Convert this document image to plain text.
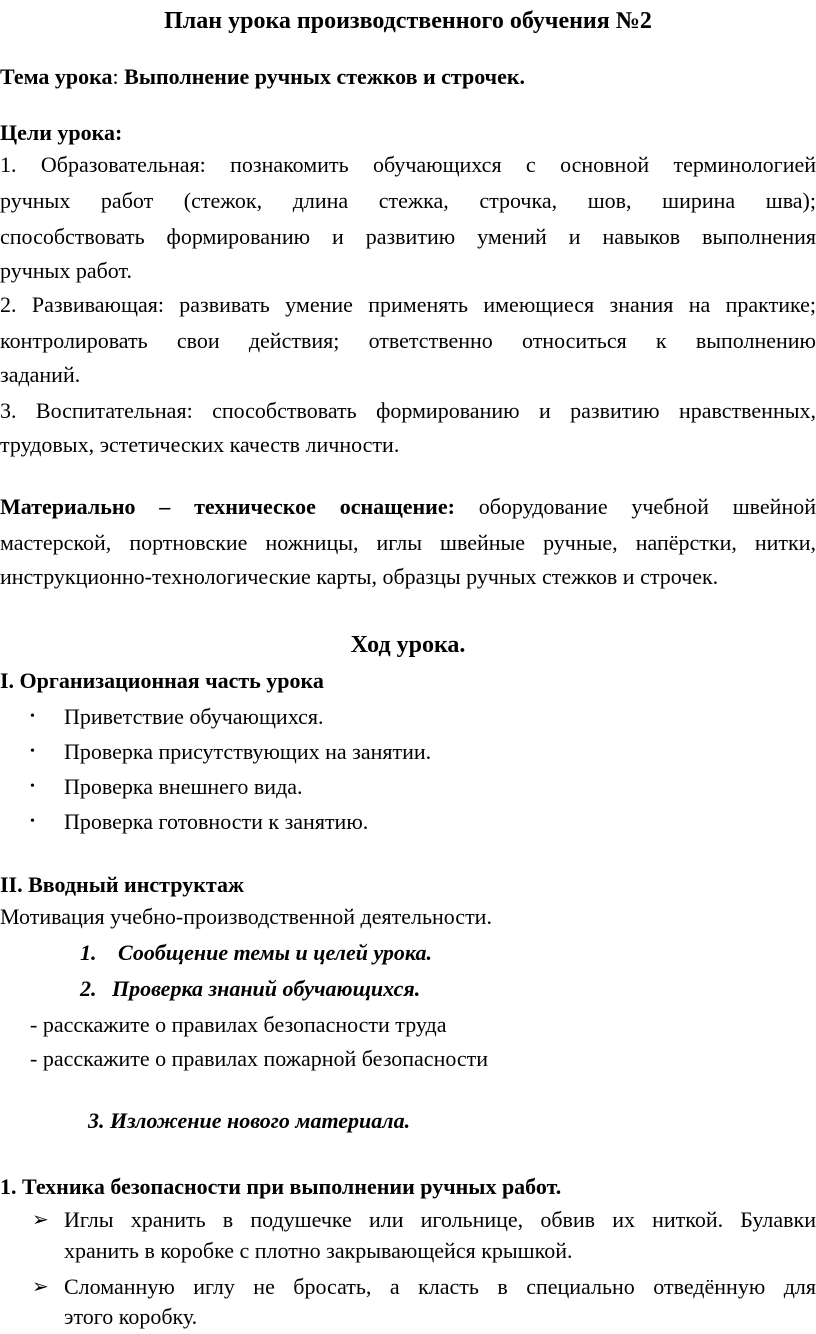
План урока производственного обучения №2
Тема урока: Выполнение ручных стежков и строчек.
Цели урока:
1. Образовательная: познакомить обучающихся с основной терминологией
ручных работ (стежок, длина стежка, строчка, шов, ширина шва);
способствовать формированию и развитию умений и навыков выполнения
ручных работ.
2. Развивающая: развивать умение применять имеющиеся знания на практике;
контролировать свои действия; ответственно относиться к выполнению
заданий.
3. Воспитательная: способствовать формированию и развитию нравственных,
трудовых, эстетических качеств личности.
Материально – техническое оснащение: оборудование учебной швейной
мастерской, портновские ножницы, иглы швейные ручные, напёрстки, нитки,
инструкционно-технологические карты, образцы ручных стежков и строчек.
Ход урока.
I. Организационная часть урока
• Приветствие обучающихся.
• Проверка присутствующих на занятии.
• Проверка внешнего вида.
• Проверка готовности к занятию.
II. Вводный инструктаж
Мотивация учебно-производственной деятельности.
1. Сообщение темы и целей урока.
2. Проверка знаний обучающихся.
- расскажите о правилах безопасности труда
- расскажите о правилах пожарной безопасности
3. Изложение нового материала.
1. Техника безопасности при выполнении ручных работ.
➢ Иглы хранить в подушечке или игольнице, обвив их ниткой. Булавки
хранить в коробке с плотно закрывающейся крышкой.
➢ Сломанную иглу не бросать, а класть в специально отведённую для
этого коробку.
